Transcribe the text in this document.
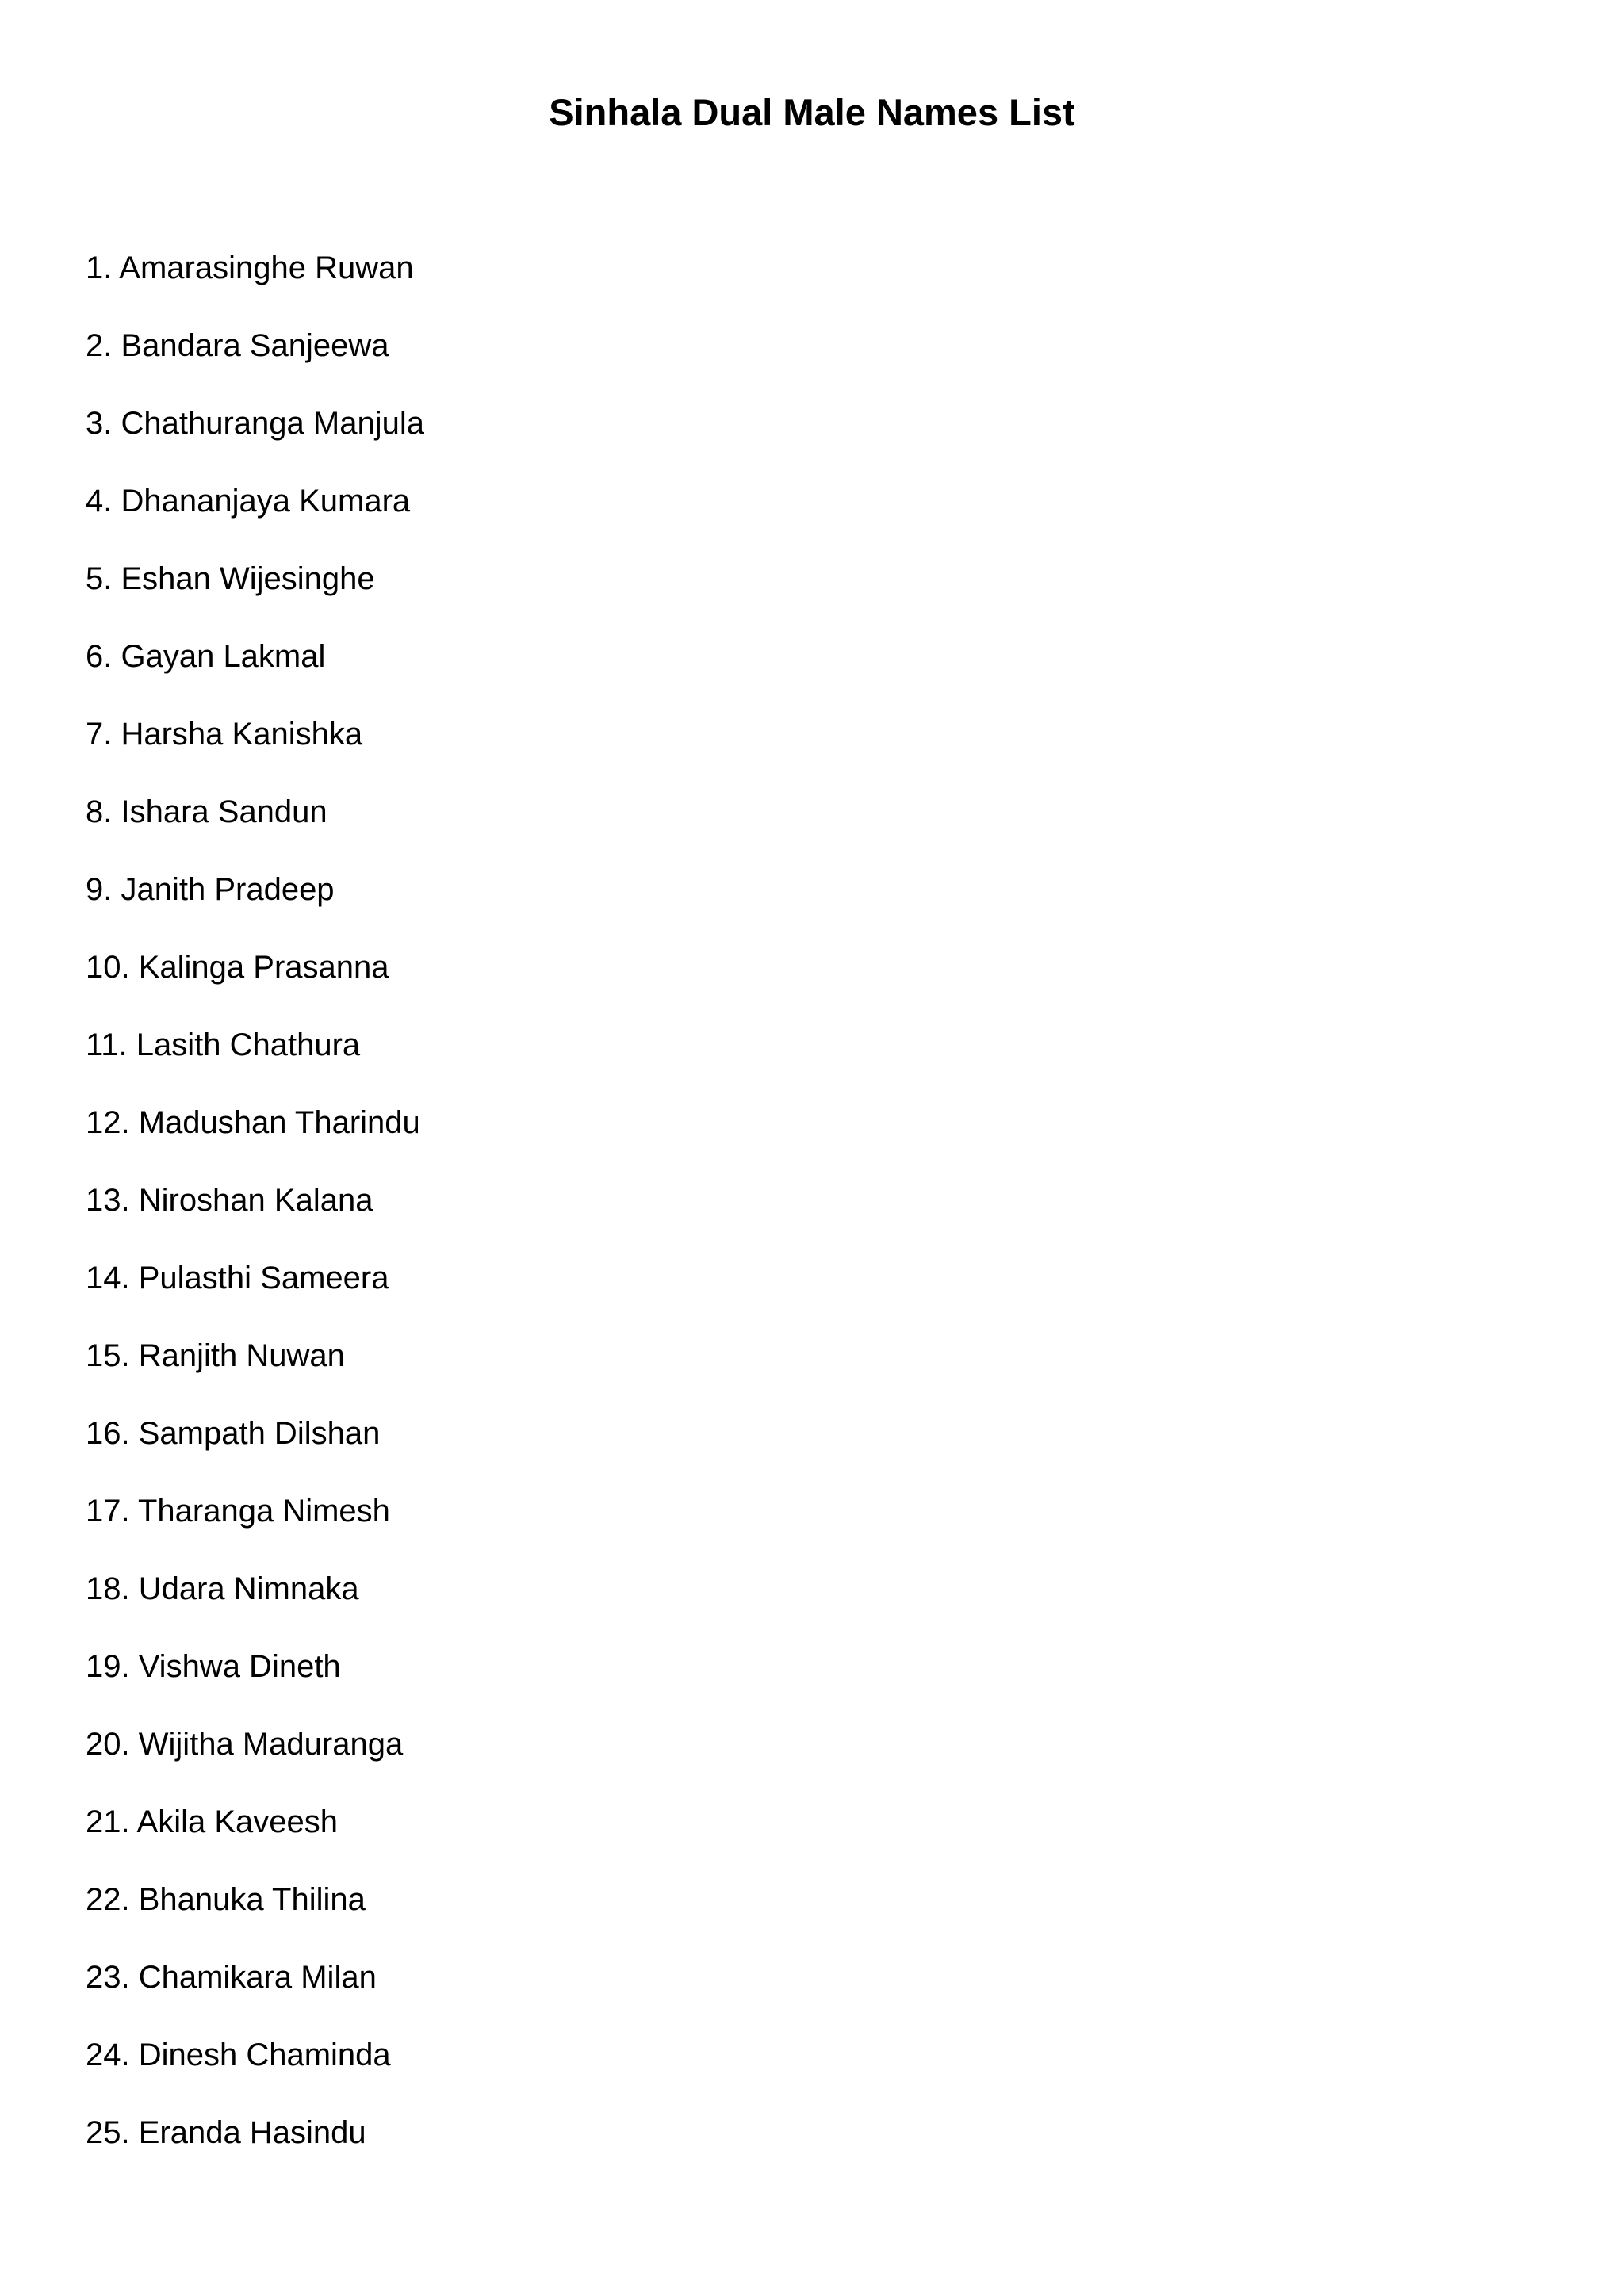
Sinhala Dual Male Names List
1. Amarasinghe Ruwan
2. Bandara Sanjeewa
3. Chathuranga Manjula
4. Dhananjaya Kumara
5. Eshan Wijesinghe
6. Gayan Lakmal
7. Harsha Kanishka
8. Ishara Sandun
9. Janith Pradeep
10. Kalinga Prasanna
11. Lasith Chathura
12. Madushan Tharindu
13. Niroshan Kalana
14. Pulasthi Sameera
15. Ranjith Nuwan
16. Sampath Dilshan
17. Tharanga Nimesh
18. Udara Nimnaka
19. Vishwa Dineth
20. Wijitha Maduranga
21. Akila Kaveesh
22. Bhanuka Thilina
23. Chamikara Milan
24. Dinesh Chaminda
25. Eranda Hasindu
